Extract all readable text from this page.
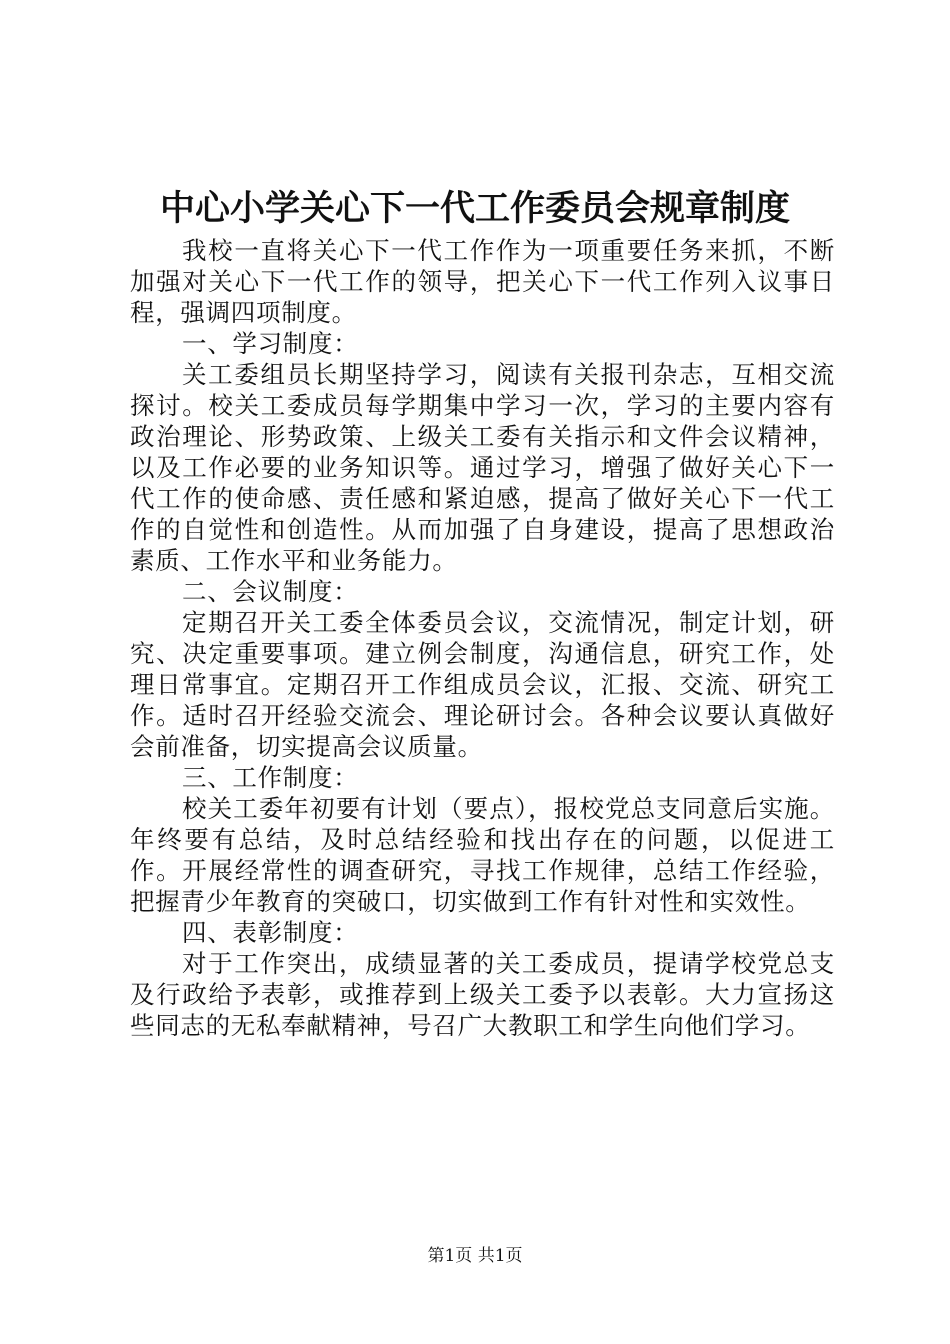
中心小学关心下一代工作委员会规章制度

我校一直将关心下一代工作作为一项重要任务来抓，不断加强对关心下一代工作的领导，把关心下一代工作列入议事日程，强调四项制度。

一、学习制度：

关工委组员长期坚持学习，阅读有关报刊杂志，互相交流探讨。校关工委成员每学期集中学习一次，学习的主要内容有政治理论、形势政策、上级关工委有关指示和文件会议精神，以及工作必要的业务知识等。通过学习，增强了做好关心下一代工作的使命感、责任感和紧迫感，提高了做好关心下一代工作的自觉性和创造性。从而加强了自身建设，提高了思想政治素质、工作水平和业务能力。

二、会议制度：

定期召开关工委全体委员会议，交流情况，制定计划，研究、决定重要事项。建立例会制度，沟通信息，研究工作，处理日常事宜。定期召开工作组成员会议，汇报、交流、研究工作。适时召开经验交流会、理论研讨会。各种会议要认真做好会前准备，切实提高会议质量。

三、工作制度：

校关工委年初要有计划（要点），报校党总支同意后实施。年终要有总结，及时总结经验和找出存在的问题，以促进工作。开展经常性的调查研究，寻找工作规律，总结工作经验，把握青少年教育的突破口，切实做到工作有针对性和实效性。

四、表彰制度：

对于工作突出，成绩显著的关工委成员，提请学校党总支及行政给予表彰，或推荐到上级关工委予以表彰。大力宣扬这些同志的无私奉献精神，号召广大教职工和学生向他们学习。

第1页 共1页
